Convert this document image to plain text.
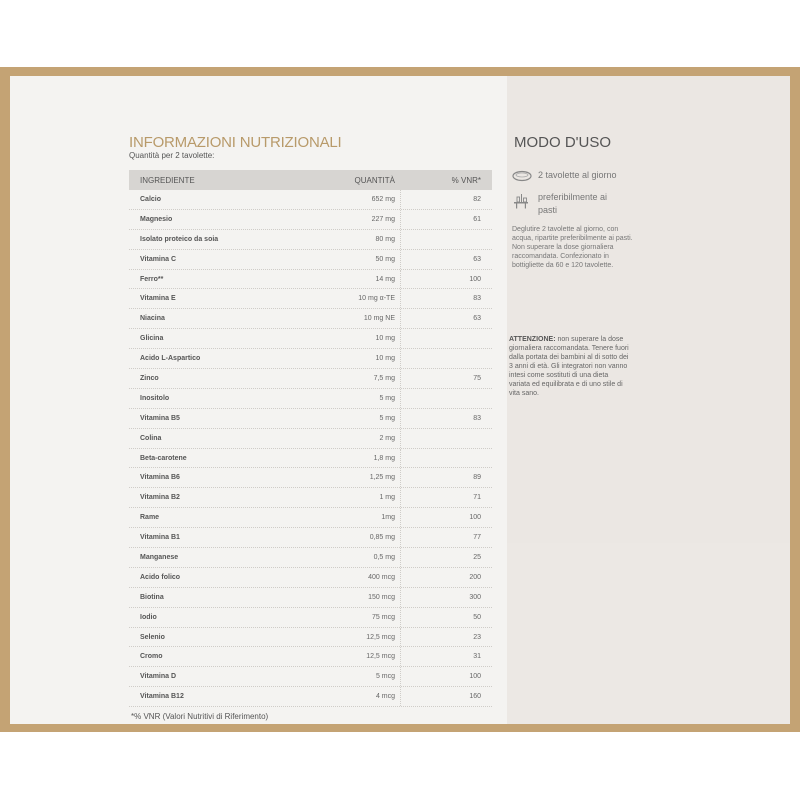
INFORMAZIONI NUTRIZIONALI
Quantità per 2 tavolette:
INGREDIENTE	QUANTITÀ	% VNR*
Calcio	652 mg	82
Magnesio	227 mg	61
Isolato proteico da soia	80 mg
Vitamina C	50 mg	63
Ferro**	14 mg	100
Vitamina E	10 mg α-TE	83
Niacina	10 mg NE	63
Glicina	10 mg
Acido L-Aspartico	10 mg
Zinco	7,5 mg	75
Inositolo	5 mg
Vitamina B5	5 mg	83
Colina	2 mg
Beta-carotene	1,8 mg
Vitamina B6	1,25 mg	89
Vitamina B2	1 mg	71
Rame	1mg	100
Vitamina B1	0,85 mg	77
Manganese	0,5 mg	25
Acido folico	400 mcg	200
Biotina	150 mcg	300
Iodio	75 mcg	50
Selenio	12,5 mcg	23
Cromo	12,5 mcg	31
Vitamina D	5 mcg	100
Vitamina B12	4 mcg	160
*% VNR (Valori Nutritivi di Riferimento)
MODO D'USO
2 tavolette al giorno
preferibilmente ai
pasti
Deglutire 2 tavolette al giorno, con acqua, ripartite preferibilmente ai pasti. Non superare la dose giornaliera raccomandata. Confezionato in bottigliette da 60 e 120 tavolette.
ATTENZIONE: non superare la dose giornaliera raccomandata. Tenere fuori dalla portata dei bambini al di sotto dei 3 anni di età. Gli integratori non vanno intesi come sostituti di una dieta variata ed equilibrata e di uno stile di vita sano.
